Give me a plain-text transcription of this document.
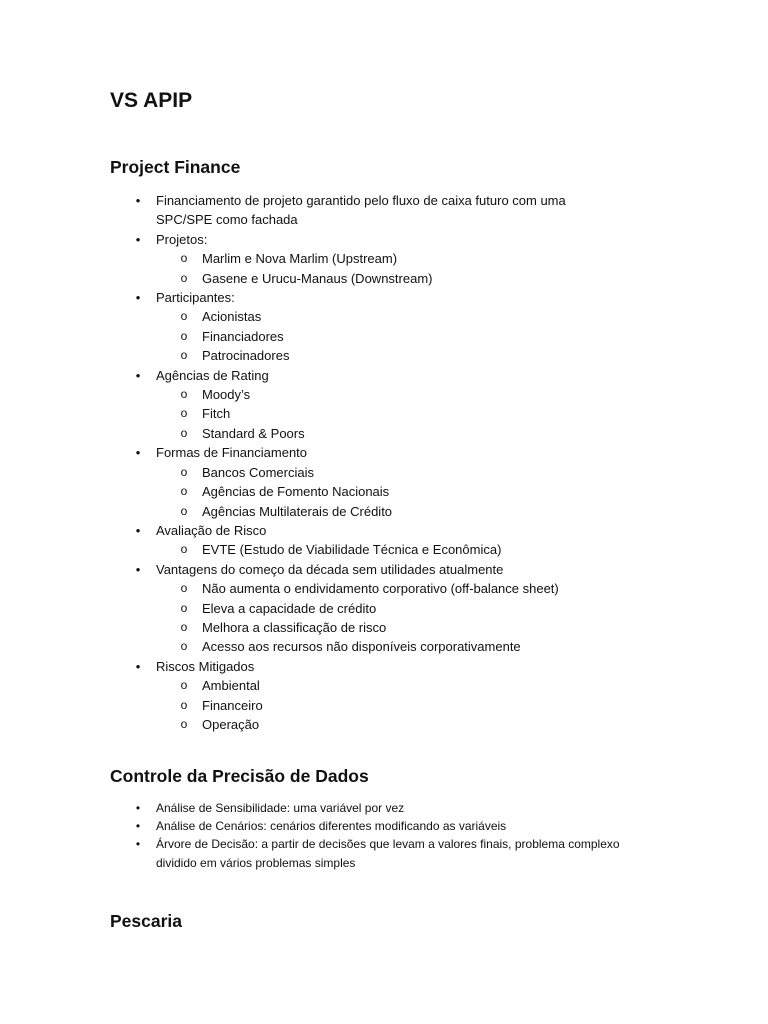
VS APIP
Project Finance
• Financiamento de projeto garantido pelo fluxo de caixa futuro com uma
SPC/SPE como fachada
• Projetos:
o Marlim e Nova Marlim (Upstream)
o Gasene e Urucu-Manaus (Downstream)
• Participantes:
o Acionistas
o Financiadores
o Patrocinadores
• Agências de Rating
o Moody’s
o Fitch
o Standard & Poors
• Formas de Financiamento
o Bancos Comerciais
o Agências de Fomento Nacionais
o Agências Multilaterais de Crédito
• Avaliação de Risco
o EVTE (Estudo de Viabilidade Técnica e Econômica)
• Vantagens do começo da década sem utilidades atualmente
o Não aumenta o endividamento corporativo (off-balance sheet)
o Eleva a capacidade de crédito
o Melhora a classificação de risco
o Acesso aos recursos não disponíveis corporativamente
• Riscos Mitigados
o Ambiental
o Financeiro
o Operação
Controle da Precisão de Dados
•	Análise de Sensibilidade: uma variável por vez
•	Análise de Cenários: cenários diferentes modificando as variáveis
•	Árvore de Decisão: a partir de decisões que levam a valores finais, problema complexo
dividido em vários problemas simples
Pescaria
